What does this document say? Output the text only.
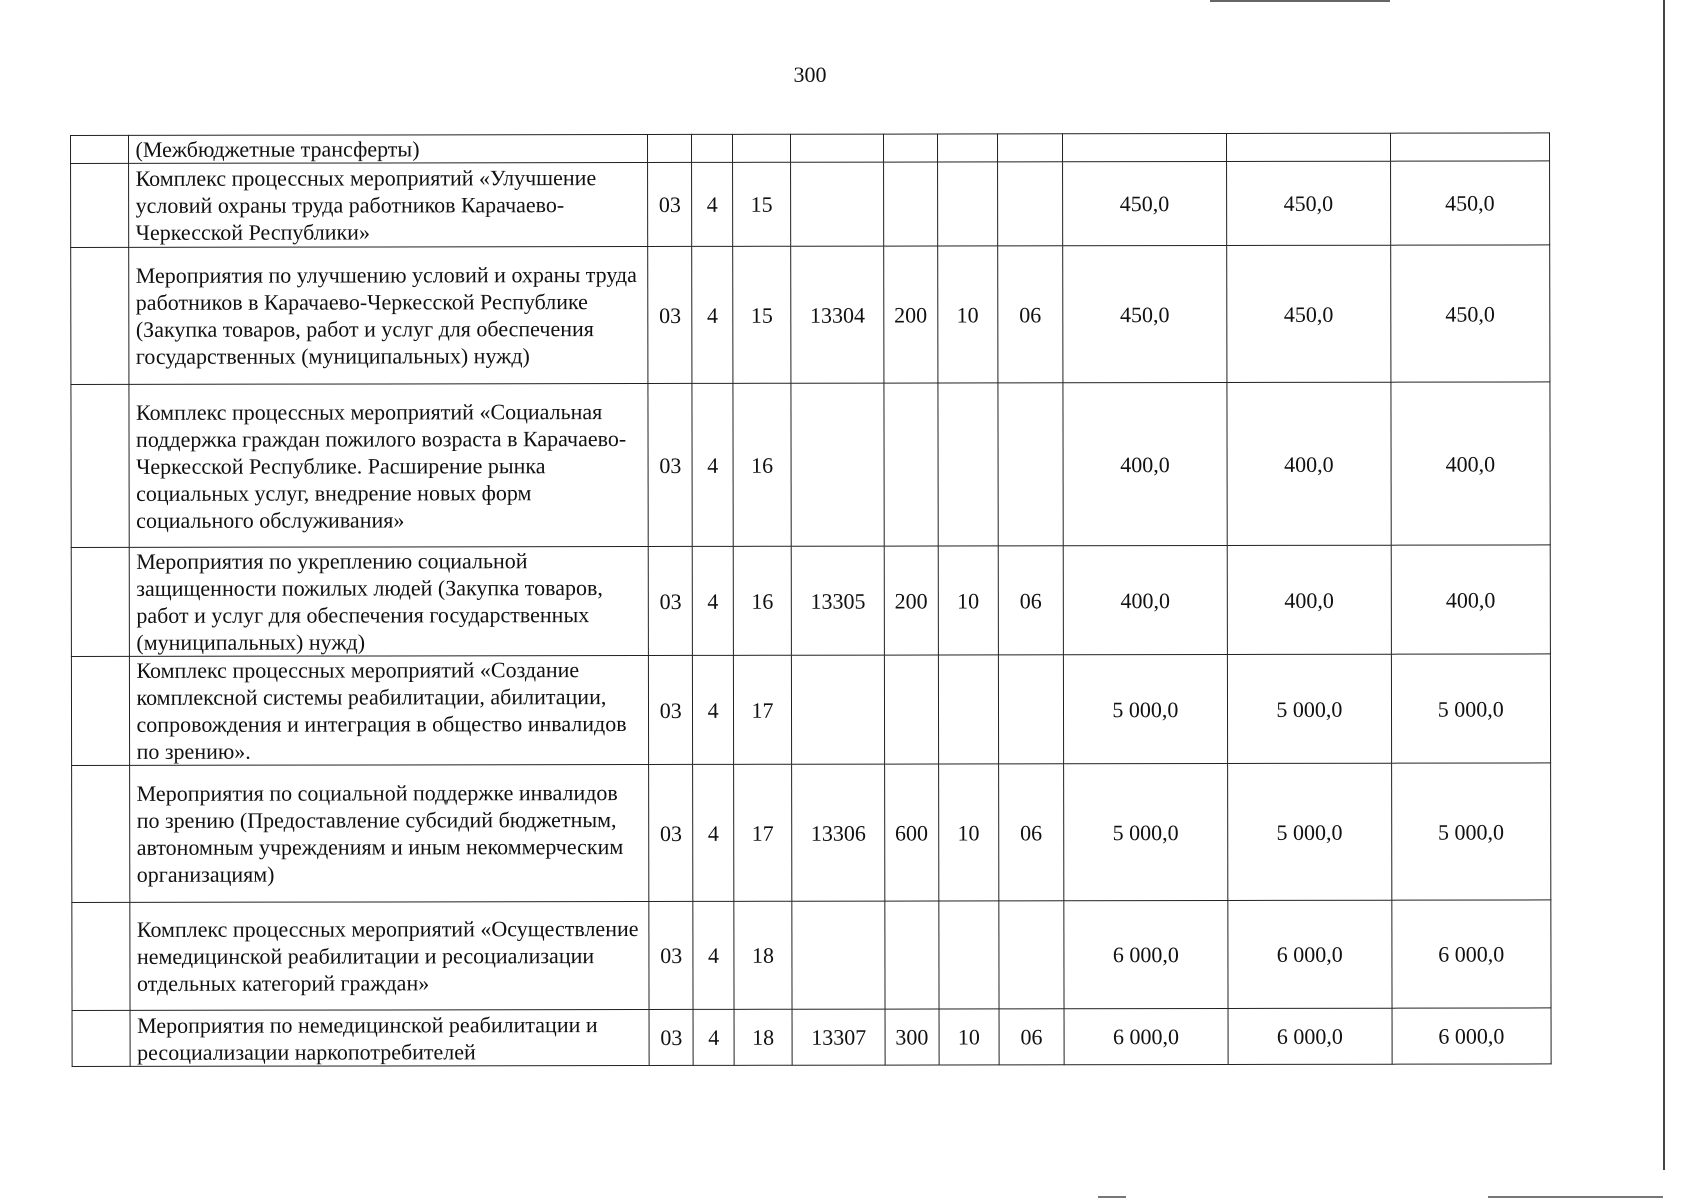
300
	(Межбюджетные трансферты)										
	Комплекс процессных мероприятий «Улучшение условий охраны труда работников Карачаево-Черкесской Республики»	03	4	15					450,0	450,0	450,0
	Мероприятия по улучшению условий и охраны труда работников в Карачаево-Черкесской Республике (Закупка товаров, работ и услуг для обеспечения государственных (муниципальных) нужд)	03	4	15	13304	200	10	06	450,0	450,0	450,0
	Комплекс процессных мероприятий «Социальная поддержка граждан пожилого возраста в Карачаево-Черкесской Республике. Расширение рынка социальных услуг, внедрение новых форм социального обслуживания»	03	4	16					400,0	400,0	400,0
	Мероприятия по укреплению социальной защищенности пожилых людей (Закупка товаров, работ и услуг для обеспечения государственных (муниципальных) нужд)	03	4	16	13305	200	10	06	400,0	400,0	400,0
	Комплекс процессных мероприятий «Создание комплексной системы реабилитации, абилитации, сопровождения и интеграция в общество инвалидов по зрению».	03	4	17					5 000,0	5 000,0	5 000,0
	Мероприятия по социальной поддержке инвалидов по зрению (Предоставление субсидий бюджетным, автономным учреждениям и иным некоммерческим организациям)	03	4	17	13306	600	10	06	5 000,0	5 000,0	5 000,0
	Комплекс процессных мероприятий «Осуществление немедицинской реабилитации и ресоциализации отдельных категорий граждан»	03	4	18					6 000,0	6 000,0	6 000,0
	Мероприятия по немедицинской реабилитации и ресоциализации наркопотребителей	03	4	18	13307	300	10	06	6 000,0	6 000,0	6 000,0
